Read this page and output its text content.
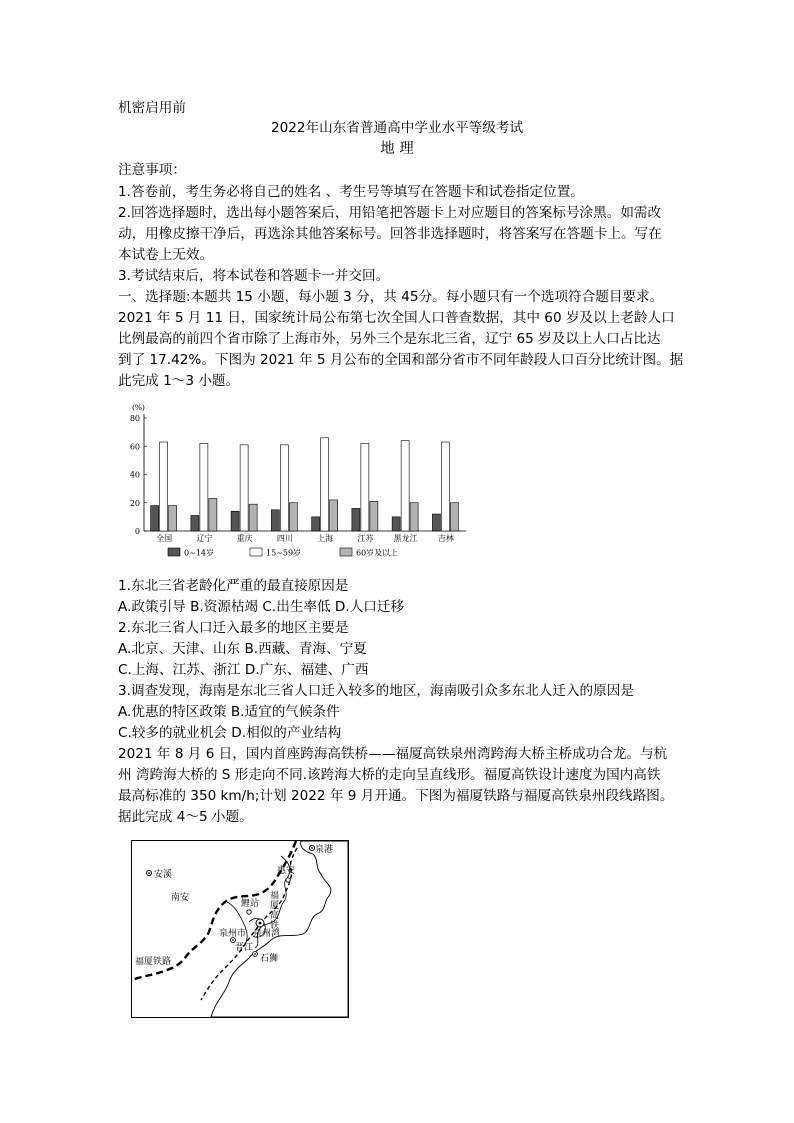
机密启用前
2022年山东省普通高中学业水平等级考试
地 理
注意事项：
1.答卷前，考生务必将自己的姓名 、考生号等填写在答题卡和试卷指定位置。
2.回答选择题时，选出每小题答案后，用铅笔把答题卡上对应题目的答案标号涂黑。如需改
动，用橡皮擦干净后，再选涂其他答案标号。回答非选择题时，将答案写在答题卡上。写在
本试卷上无效。
3.考试结束后，将本试卷和答题卡一并交回。
一、选择题:本题共 15 小题，每小题 3 分，共 45分。每小题只有一个选项符合题目要求。
2021 年 5 月 11 日，国家统计局公布第七次全国人口普查数据，其中 60 岁及以上老龄人口
比例最高的前四个省市除了上海市外，另外三个是东北三省，辽宁 65 岁及以上人口占比达
到了 17.42%。下图为 2021 年 5 月公布的全国和部分省市不同年龄段人口百分比统计图。据
此完成 1～3 小题。
(%)
0
20
40
60
80
全国	辽宁	重庆	四川	上海	江苏	黑龙江	吉林
0~14岁	15~59岁	60岁及以上
1.东北三省老龄化严重的最直接原因是
A.政策引导 B.资源枯竭 C.出生率低 D.人口迁移
2.东北三省人口迁入最多的地区主要是
A.北京、天津、山东 B.西藏、青海、宁夏
C.上海、江苏、浙江 D.广东、福建、广西
3.调查发现，海南是东北三省人口迁入较多的地区，海南吸引众多东北人迁入的原因是
A.优惠的特区政策 B.适宜的气候条件
C.较多的就业机会 D.相似的产业结构
2021 年 8 月 6 日，国内首座跨海高铁桥——福厦高铁泉州湾跨海大桥主桥成功合龙。与杭
州 湾跨海大桥的 S 形走向不同.该跨海大桥的走向呈直线形。福厦高铁设计速度为国内高铁
最高标准的 350 km/h;计划 2022 年 9 月开通。下图为福厦铁路与福厦高铁泉州段线路图。
据此完成 4～5 小题。
安溪
南安
泉港
惠安
鲤站
泉州市 泉州湾
晋江
石狮
福厦铁路
福厦高铁
